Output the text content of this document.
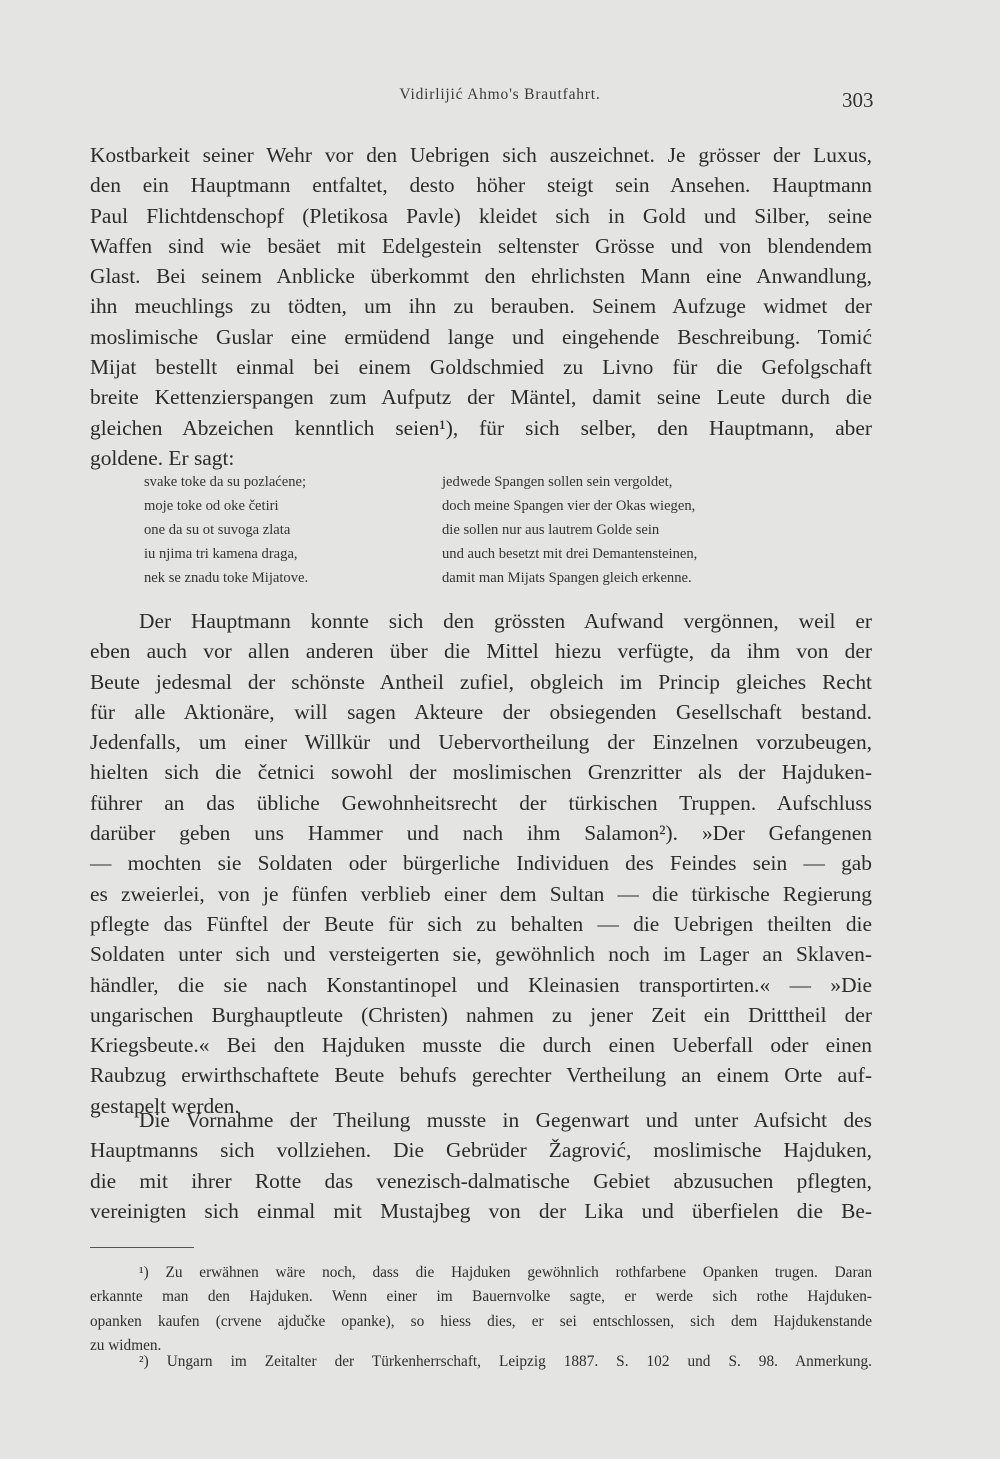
Vidirlijić Ahmo's Brautfahrt.	303
Kostbarkeit seiner Wehr vor den Uebrigen sich auszeichnet. Je grösser der Luxus,
den ein Hauptmann entfaltet, desto höher steigt sein Ansehen. Hauptmann
Paul Flichtdenschopf (Pletikosa Pavle) kleidet sich in Gold und Silber, seine
Waffen sind wie besäet mit Edelgestein seltenster Grösse und von blendendem
Glast. Bei seinem Anblicke überkommt den ehrlichsten Mann eine Anwandlung,
ihn meuchlings zu tödten, um ihn zu berauben. Seinem Aufzuge widmet der
moslimische Guslar eine ermüdend lange und eingehende Beschreibung. Tomić
Mijat bestellt einmal bei einem Goldschmied zu Livno für die Gefolgschaft
breite Kettenzierspangen zum Aufputz der Mäntel, damit seine Leute durch die
gleichen Abzeichen kenntlich seien¹), für sich selber, den Hauptmann, aber
goldene. Er sagt:
svake toke da su pozlaćene;
moje toke od oke četiri
one da su ot suvoga zlata
iu njima tri kamena draga,
nek se znadu toke Mijatove.
jedwede Spangen sollen sein vergoldet,
doch meine Spangen vier der Okas wiegen,
die sollen nur aus lautrem Golde sein
und auch besetzt mit drei Demantensteinen,
damit man Mijats Spangen gleich erkenne.
Der Hauptmann konnte sich den grössten Aufwand vergönnen, weil er
eben auch vor allen anderen über die Mittel hiezu verfügte, da ihm von der
Beute jedesmal der schönste Antheil zufiel, obgleich im Princip gleiches Recht
für alle Aktionäre, will sagen Akteure der obsiegenden Gesellschaft bestand.
Jedenfalls, um einer Willkür und Uebervortheilung der Einzelnen vorzubeugen,
hielten sich die četnici sowohl der moslimischen Grenzritter als der Hajduken-
führer an das übliche Gewohnheitsrecht der türkischen Truppen. Aufschluss
darüber geben uns Hammer und nach ihm Salamon²). »Der Gefangenen
— mochten sie Soldaten oder bürgerliche Individuen des Feindes sein — gab
es zweierlei, von je fünfen verblieb einer dem Sultan — die türkische Regierung
pflegte das Fünftel der Beute für sich zu behalten — die Uebrigen theilten die
Soldaten unter sich und versteigerten sie, gewöhnlich noch im Lager an Sklaven-
händler, die sie nach Konstantinopel und Kleinasien transportirten.« — »Die
ungarischen Burghauptleute (Christen) nahmen zu jener Zeit ein Dritttheil der
Kriegsbeute.« Bei den Hajduken musste die durch einen Ueberfall oder einen
Raubzug erwirthschaftete Beute behufs gerechter Vertheilung an einem Orte auf-
gestapelt werden.
Die Vornahme der Theilung musste in Gegenwart und unter Aufsicht des
Hauptmanns sich vollziehen. Die Gebrüder Žagrović, moslimische Hajduken,
die mit ihrer Rotte das venezisch-dalmatische Gebiet abzusuchen pflegten,
vereinigten sich einmal mit Mustajbeg von der Lika und überfielen die Be-
¹) Zu erwähnen wäre noch, dass die Hajduken gewöhnlich rothfarbene Opanken trugen. Daran
erkannte man den Hajduken. Wenn einer im Bauernvolke sagte, er werde sich rothe Hajduken-
opanken kaufen (crvene ajdučke opanke), so hiess dies, er sei entschlossen, sich dem Hajdukenstande
zu widmen.
²) Ungarn im Zeitalter der Türkenherrschaft, Leipzig 1887. S. 102 und S. 98. Anmerkung.
